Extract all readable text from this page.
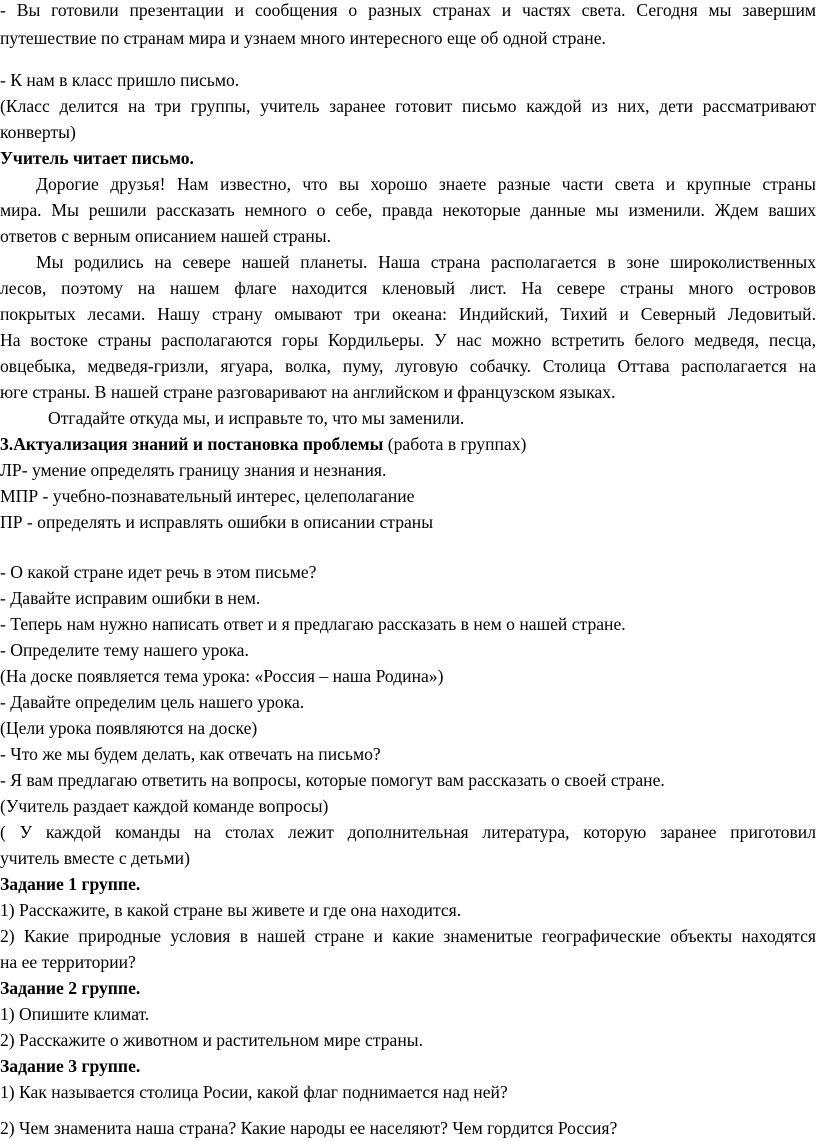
- Вы готовили презентации и сообщения о разных странах и частях света. Сегодня мы завершим
путешествие по странам мира и узнаем много интересного еще об одной стране.
- К нам в класс пришло письмо.
(Класс делится на три группы, учитель заранее готовит письмо каждой из них, дети рассматривают
конверты)
Учитель читает письмо.
Дорогие друзья! Нам известно, что вы хорошо знаете разные части света и крупные страны
мира. Мы решили рассказать немного о себе, правда некоторые данные мы изменили. Ждем ваших
ответов с верным описанием нашей страны.
Мы родились на севере нашей планеты. Наша страна располагается в зоне широколиственных
лесов, поэтому на нашем флаге находится кленовый лист. На севере страны много островов
покрытых лесами. Нашу страну омывают три океана: Индийский, Тихий и Северный Ледовитый.
На востоке страны располагаются горы Кордильеры. У нас можно встретить белого медведя, песца,
овцебыка, медведя-гризли, ягуара, волка, пуму, луговую собачку. Столица Оттава располагается на
юге страны. В нашей стране разговаривают на английском и французском языках.
Отгадайте откуда мы, и исправьте то, что мы заменили.
3.Актуализация знаний и постановка проблемы (работа в группах)
ЛР- умение определять границу знания и незнания.
МПР - учебно-познавательный интерес, целеполагание
ПР - определять и исправлять ошибки в описании страны
- О какой стране идет речь в этом письме?
- Давайте исправим ошибки в нем.
- Теперь нам нужно написать ответ и я предлагаю рассказать в нем о нашей стране.
- Определите тему нашего урока.
(На доске появляется тема урока: «Россия – наша Родина»)
- Давайте определим цель нашего урока.
(Цели урока появляются на доске)
- Что же мы будем делать, как отвечать на письмо?
- Я вам предлагаю ответить на вопросы, которые помогут вам рассказать о своей стране.
(Учитель раздает каждой команде вопросы)
( У каждой команды на столах лежит дополнительная литература, которую заранее приготовил
учитель вместе с детьми)
Задание 1 группе.
1) Расскажите, в какой стране вы живете и где она находится.
2) Какие природные условия в нашей стране и какие знаменитые географические объекты находятся
на ее территории?
Задание 2 группе.
1) Опишите климат.
2) Расскажите о животном и растительном мире страны.
Задание 3 группе.
1) Как называется столица Росии, какой флаг поднимается над ней?
2) Чем знаменита наша страна? Какие народы ее населяют? Чем гордится Россия?
